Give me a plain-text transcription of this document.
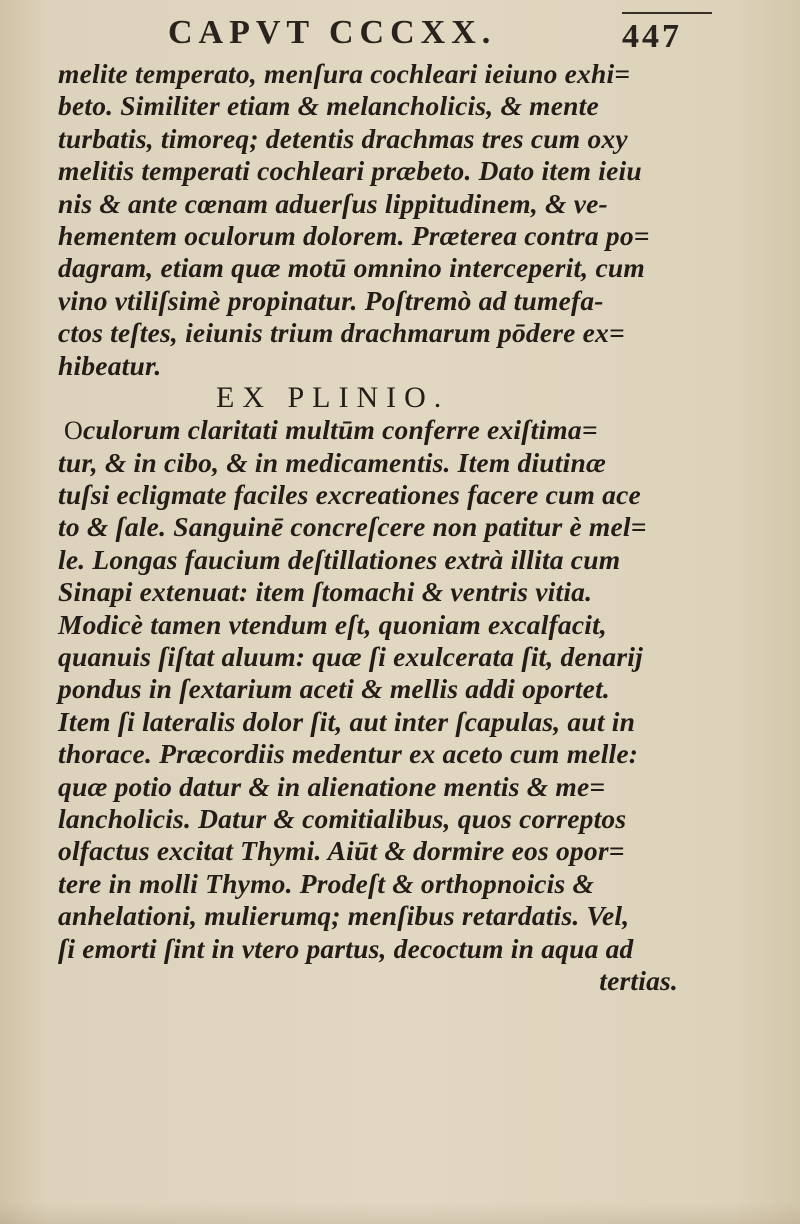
CAPVT CCCXX.	447
melite temperato, menſura cochleari ieiuno exhi=
beto. Similiter etiam & melancholicis, & mente
turbatis, timoreq; detentis drachmas tres cum oxy
melitis temperati cochleari præbeto. Dato item ieiu
nis & ante cœnam aduerſus lippitudinem, & ve-
hementem oculorum dolorem. Præterea contra po=
dagram, etiam quæ motū omnino interceperit, cum
vino vtiliſsimè propinatur. Poſtremò ad tumefa-
ctos teſtes, ieiunis trium drachmarum pōdere ex=
hibeatur.
EX PLINIO.
Oculorum claritati multūm conferre exiſtima=
tur, & in cibo, & in medicamentis. Item diutinæ
tuſsi ecligmate faciles excreationes facere cum ace
to & ſale. Sanguinē concreſcere non patitur è mel=
le. Longas faucium deſtillationes extrà illita cum
Sinapi extenuat: item ſtomachi & ventris vitia.
Modicè tamen vtendum eſt, quoniam excalfacit,
quanuis ſiſtat aluum: quæ ſi exulcerata ſit, denarij
pondus in ſextarium aceti & mellis addi oportet.
Item ſi lateralis dolor ſit, aut inter ſcapulas, aut in
thorace. Præcordiis medentur ex aceto cum melle:
quæ potio datur & in alienatione mentis & me=
lancholicis. Datur & comitialibus, quos correptos
olfactus excitat Thymi. Aiūt & dormire eos opor=
tere in molli Thymo. Prodeſt & orthopnoicis &
anhelationi, mulierumq; menſibus retardatis. Vel,
ſi emorti ſint in vtero partus, decoctum in aqua ad
tertias.
